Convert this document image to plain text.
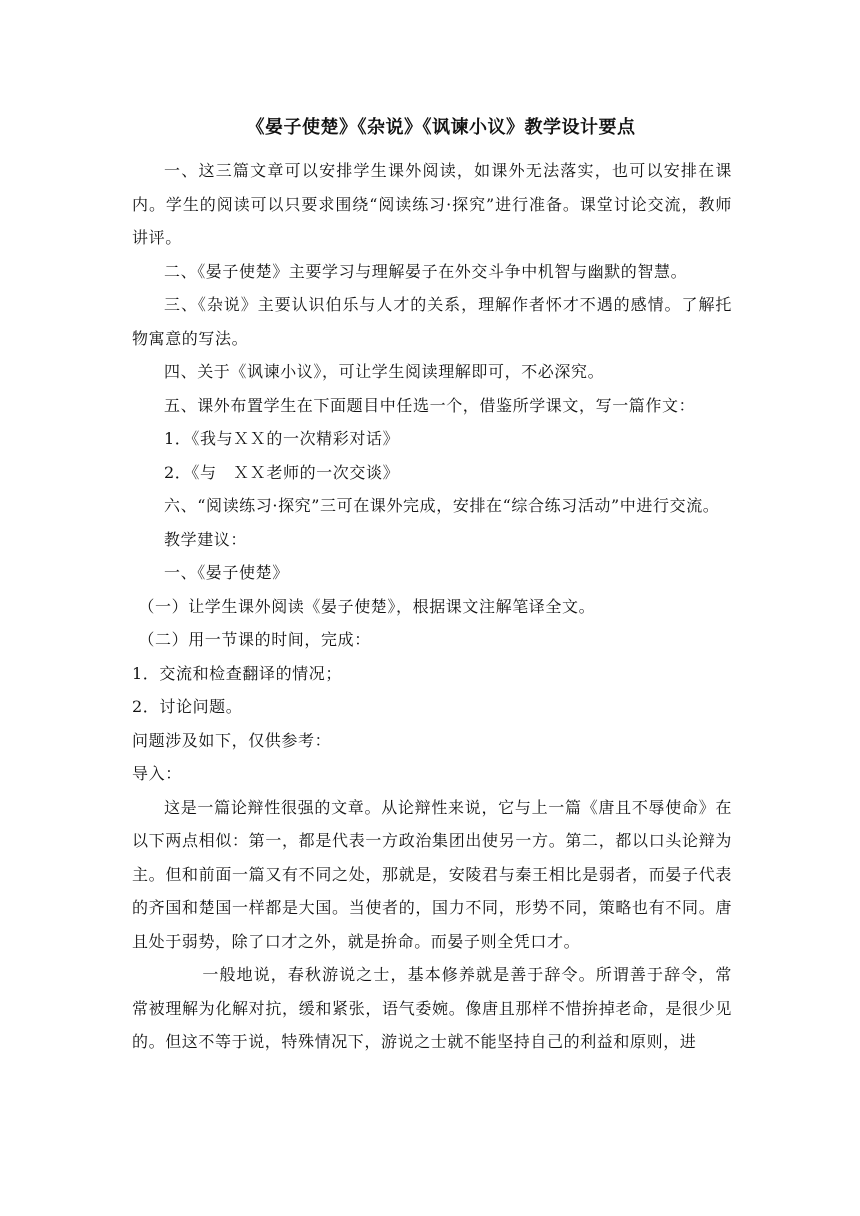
《晏子使楚》《杂说》《讽谏小议》教学设计要点

一、这三篇文章可以安排学生课外阅读，如课外无法落实，也可以安排在课内。学生的阅读可以只要求围绕“阅读练习·探究”进行准备。课堂讨论交流，教师讲评。

二、《晏子使楚》主要学习与理解晏子在外交斗争中机智与幽默的智慧。

三、《杂说》主要认识伯乐与人才的关系，理解作者怀才不遇的感情。了解托物寓意的写法。

四、关于《讽谏小议》，可让学生阅读理解即可，不必深究。

五、课外布置学生在下面题目中任选一个，借鉴所学课文，写一篇作文：

1．《我与ＸＸ的一次精彩对话》

2．《与　ＸＸ老师的一次交谈》

六、“阅读练习·探究”三可在课外完成，安排在“综合练习活动”中进行交流。

教学建议：

一、《晏子使楚》

（一）让学生课外阅读《晏子使楚》，根据课文注解笔译全文。

（二）用一节课的时间，完成：

1．交流和检查翻译的情况；

2．讨论问题。

问题涉及如下，仅供参考：

导入：

这是一篇论辩性很强的文章。从论辩性来说，它与上一篇《唐且不辱使命》在以下两点相似：第一，都是代表一方政治集团出使另一方。第二，都以口头论辩为主。但和前面一篇又有不同之处，那就是，安陵君与秦王相比是弱者，而晏子代表的齐国和楚国一样都是大国。当使者的，国力不同，形势不同，策略也有不同。唐且处于弱势，除了口才之外，就是拚命。而晏子则全凭口才。

一般地说，春秋游说之士，基本修养就是善于辞令。所谓善于辞令，常常被理解为化解对抗，缓和紧张，语气委婉。像唐且那样不惜拚掉老命，是很少见的。但这不等于说，特殊情况下，游说之士就不能坚持自己的利益和原则，进
